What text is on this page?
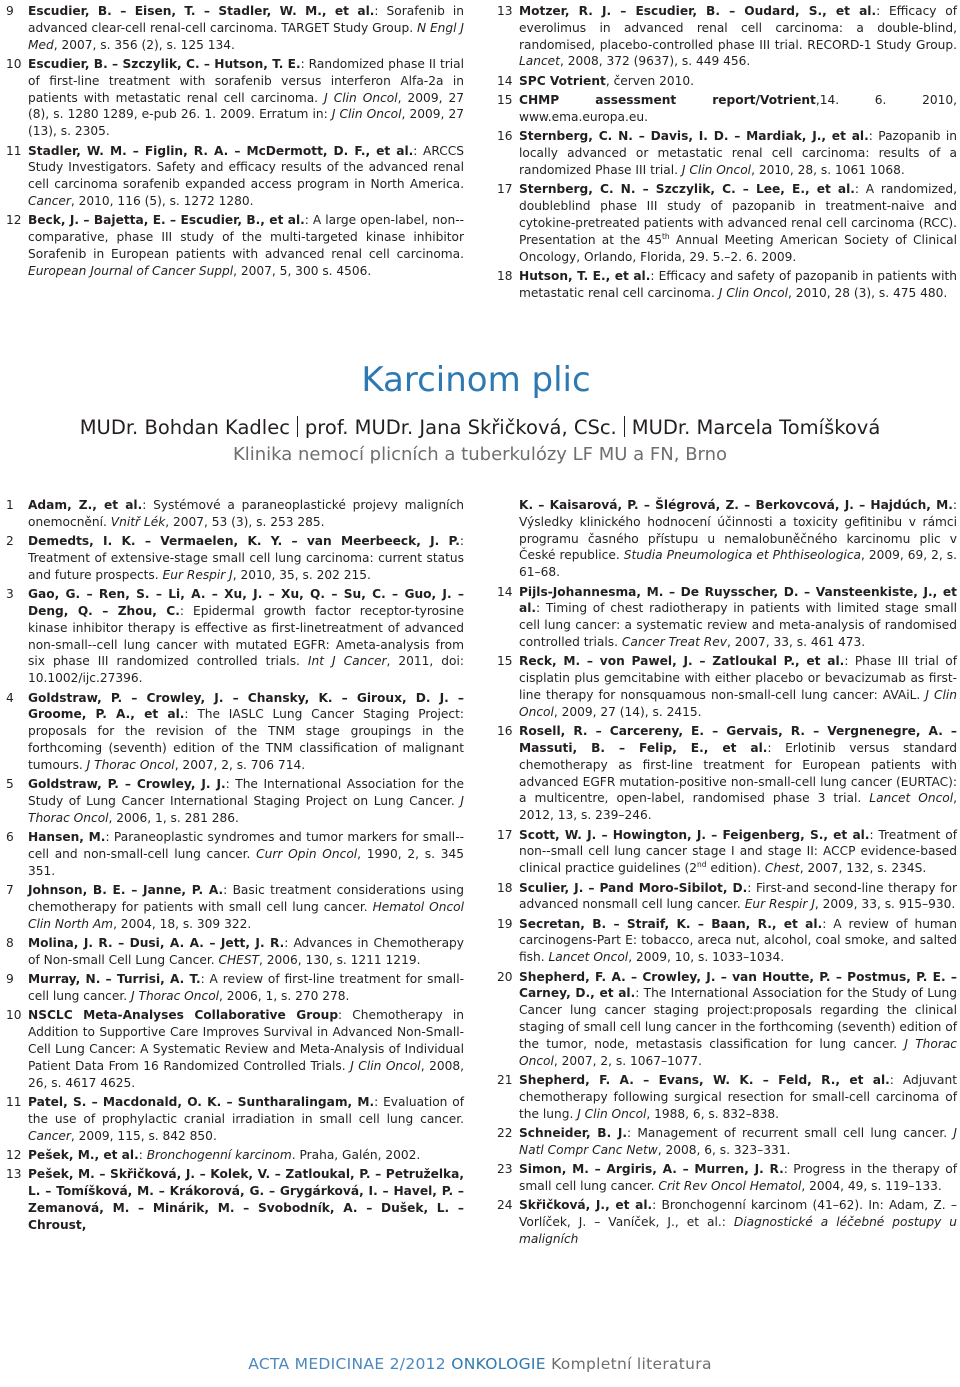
9	Escudier, B. – Eisen, T. – Stadler, W. M., et al.: Sorafenib in advanced clear-cell renal-cell carcinoma. TARGET Study Group. N Engl J Med, 2007, s. 356 (2), s. 125 134.
10 Escudier, B. – Szczylik, C. – Hutson, T. E.: Randomized phase II trial of first-line treatment with sorafenib versus interferon Alfa-2a in patients with metastatic renal cell carcinoma. J Clin Oncol, 2009, 27 (8), s. 1280 1289, e-pub 26. 1. 2009. Erratum in: J Clin Oncol, 2009, 27 (13), s. 2305.
11 Stadler, W. M. – Figlin, R. A. – McDermott, D. F., et al.: ARCCS Study Investigators. Safety and efficacy results of the advanced renal cell carcinoma sorafenib expanded access program in North America. Cancer, 2010, 116 (5), s. 1272 1280.
12 Beck, J. – Bajetta, E. – Escudier, B., et al.: A large open-label, non--comparative, phase III study of the multi-targeted kinase inhibitor Sorafenib in European patients with advanced renal cell carcinoma. European Journal of Cancer Suppl, 2007, 5, 300 s. 4506.
13 Motzer, R. J. – Escudier, B. – Oudard, S., et al.: Efficacy of everolimus in advanced renal cell carcinoma: a double-blind, randomised, placebo-controlled phase III trial. RECORD-1 Study Group. Lancet, 2008, 372 (9637), s. 449 456.
14 SPC Votrient, červen 2010.
15 CHMP assessment report/Votrient,14. 6. 2010, www.ema.europa.eu.
16 Sternberg, C. N. – Davis, I. D. – Mardiak, J., et al.: Pazopanib in locally advanced or metastatic renal cell carcinoma: results of a randomized Phase III trial. J Clin Oncol, 2010, 28, s. 1061 1068.
17 Sternberg, C. N. – Szczylik, C. – Lee, E., et al.: A randomized, doubleblind phase III study of pazopanib in treatment-naive and cytokine-pretreated patients with advanced renal cell carcinoma (RCC). Presentation at the 45th Annual Meeting American Society of Clinical Oncology, Orlando, Florida, 29. 5.–2. 6. 2009.
18 Hutson, T. E., et al.: Efficacy and safety of pazopanib in patients with metastatic renal cell carcinoma. J Clin Oncol, 2010, 28 (3), s. 475 480.
Karcinom plic
MUDr. Bohdan Kadlec prof. MUDr. Jana Skřičková, CSc. MUDr. Marcela Tomíšková
Klinika nemocí plicních a tuberkulózy LF MU a FN, Brno
1	Adam, Z., et al.: Systémové a paraneoplastické projevy maligních onemocnění. Vnitř Lék, 2007, 53 (3), s. 253 285.
2	Demedts, I. K. – Vermaelen, K. Y. – van Meerbeeck, J. P.: Treatment of extensive-stage small cell lung carcinoma: current status and future prospects. Eur Respir J, 2010, 35, s. 202 215.
3	Gao, G. – Ren, S. – Li, A. – Xu, J. – Xu, Q. – Su, C. – Guo, J. – Deng, Q. – Zhou, C.: Epidermal growth factor receptor-tyrosine kinase inhibitor therapy is effective as first-linetreatment of advanced non-small--cell lung cancer with mutated EGFR: Ameta-analysis from six phase III randomized controlled trials. Int J Cancer, 2011, doi: 10.1002/ijc.27396.
4	Goldstraw, P. – Crowley, J. – Chansky, K. – Giroux, D. J. – Groome, P. A., et al.: The IASLC Lung Cancer Staging Project: proposals for the revision of the TNM stage groupings in the forthcoming (seventh) edition of the TNM classification of malignant tumours. J Thorac Oncol, 2007, 2, s. 706 714.
5	Goldstraw, P. – Crowley, J. J.: The International Association for the Study of Lung Cancer International Staging Project on Lung Cancer. J Thorac Oncol, 2006, 1, s. 281 286.
6	Hansen, M.: Paraneoplastic syndromes and tumor markers for small--cell and non-small-cell lung cancer. Curr Opin Oncol, 1990, 2, s. 345 351.
7	Johnson, B. E. – Janne, P. A.: Basic treatment considerations using chemotherapy for patients with small cell lung cancer. Hematol Oncol Clin North Am, 2004, 18, s. 309 322.
8	Molina, J. R. – Dusi, A. A. – Jett, J. R.: Advances in Chemotherapy of Non-small Cell Lung Cancer. CHEST, 2006, 130, s. 1211 1219.
9	Murray, N. – Turrisi, A. T.: A review of first-line treatment for small-cell lung cancer. J Thorac Oncol, 2006, 1, s. 270 278.
10 NSCLC Meta-Analyses Collaborative Group: Chemotherapy in Addition to Supportive Care Improves Survival in Advanced Non-Small- Cell Lung Cancer: A Systematic Review and Meta-Analysis of Individual Patient Data From 16 Randomized Controlled Trials. J Clin Oncol, 2008, 26, s. 4617 4625.
11 Patel, S. – Macdonald, O. K. – Suntharalingam, M.: Evaluation of the use of prophylactic cranial irradiation in small cell lung cancer. Cancer, 2009, 115, s. 842 850.
12 Pešek, M., et al.: Bronchogenní karcinom. Praha, Galén, 2002.
13 Pešek, M. – Skřičková, J. – Kolek, V. – Zatloukal, P. – Petruželka, L. – Tomíšková, M. – Krákorová, G. – Grygárková, I. – Havel, P. – Zemanová, M. – Minárik, M. – Svobodník, A. – Dušek, L. – Chroust,
K. – Kaisarová, P. – Šlégrová, Z. – Berkovcová, J. – Hajdúch, M.: Výsledky klinického hodnocení účinnosti a toxicity gefitinibu v rámci programu časného přístupu u nemalobuněčného karcinomu plic v České republice. Studia Pneumologica et Phthiseologica, 2009, 69, 2, s. 61–68.
14 Pijls-Johannesma, M. – De Ruysscher, D. – Vansteenkiste, J., et al.: Timing of chest radiotherapy in patients with limited stage small cell lung cancer: a systematic review and meta-analysis of randomised controlled trials. Cancer Treat Rev, 2007, 33, s. 461 473.
15 Reck, M. – von Pawel, J. – Zatloukal P., et al.: Phase III trial of cisplatin plus gemcitabine with either placebo or bevacizumab as first-line therapy for nonsquamous non-small-cell lung cancer: AVAiL. J Clin Oncol, 2009, 27 (14), s. 2415.
16 Rosell, R. – Carcereny, E. – Gervais, R. – Vergnenegre, A. – Massuti, B. – Felip, E., et al.: Erlotinib versus standard chemotherapy as first-line treatment for European patients with advanced EGFR mutation-positive non-small-cell lung cancer (EURTAC): a multicentre, open-label, randomised phase 3 trial. Lancet Oncol, 2012, 13, s. 239–246.
17 Scott, W. J. – Howington, J. – Feigenberg, S., et al.: Treatment of non--small cell lung cancer stage I and stage II: ACCP evidence-based clinical practice guidelines (2nd edition). Chest, 2007, 132, s. 234S.
18 Sculier, J. – Pand Moro-Sibilot, D.: First-and second-line therapy for advanced nonsmall cell lung cancer. Eur Respir J, 2009, 33, s. 915–930.
19 Secretan, B. – Straif, K. – Baan, R., et al.: A review of human carcinogens-Part E: tobacco, areca nut, alcohol, coal smoke, and salted fish. Lancet Oncol, 2009, 10, s. 1033–1034.
20 Shepherd, F. A. – Crowley, J. – van Houtte, P. – Postmus, P. E. – Carney, D., et al.: The International Association for the Study of Lung Cancer lung cancer staging project:proposals regarding the clinical staging of small cell lung cancer in the forthcoming (seventh) edition of the tumor, node, metastasis classification for lung cancer. J Thorac Oncol, 2007, 2, s. 1067–1077.
21 Shepherd, F. A. – Evans, W. K. – Feld, R., et al.: Adjuvant chemotherapy following surgical resection for small-cell carcinoma of the lung. J Clin Oncol, 1988, 6, s. 832–838.
22 Schneider, B. J.: Management of recurrent small cell lung cancer. J Natl Compr Canc Netw, 2008, 6, s. 323–331.
23 Simon, M. – Argiris, A. – Murren, J. R.: Progress in the therapy of small cell lung cancer. Crit Rev Oncol Hematol, 2004, 49, s. 119–133.
24 Skřičková, J., et al.: Bronchogenní karcinom (41–62). In: Adam, Z. – Vorlíček, J. – Vaníček, J., et al.: Diagnostické a léčebné postupy u maligních
ACTA MEDICINAE 2/2012 ONKOLOGIE Kompletní literatura
